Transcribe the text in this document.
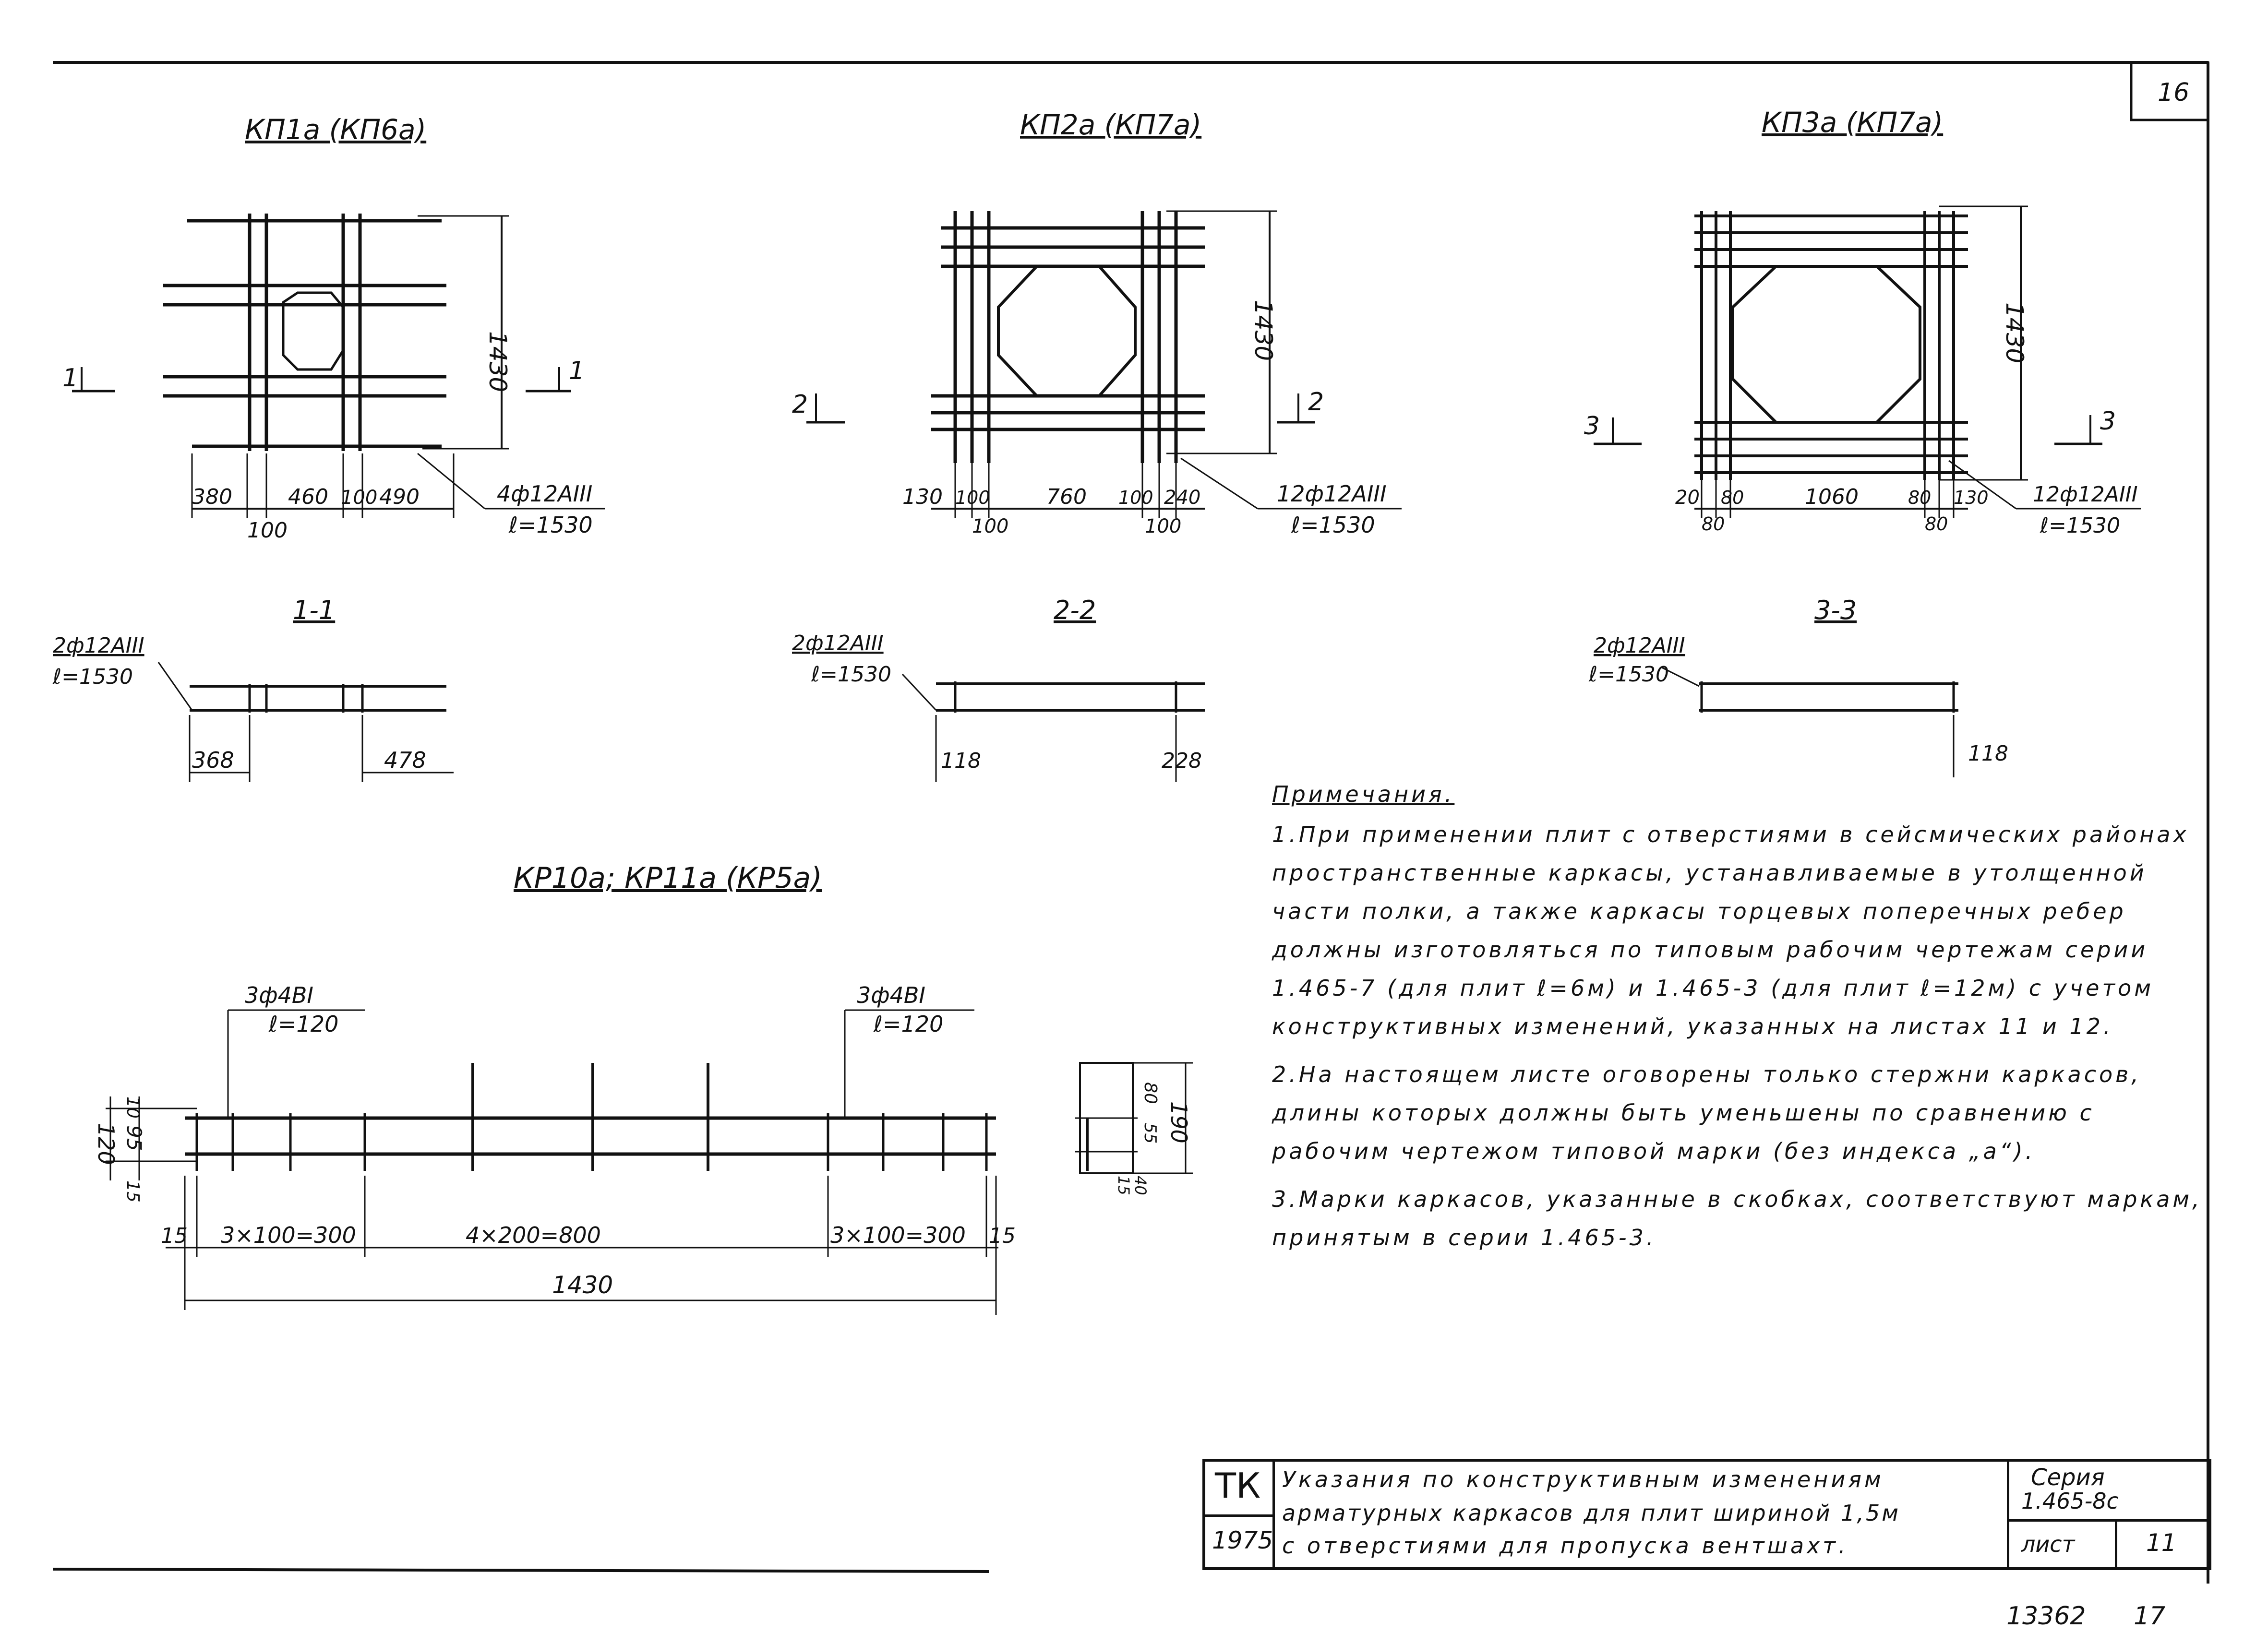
16
КП1а (КП6а)
1430
1	1
380	460 100 490
100
4ф12АIII
ℓ=1530
КП2а (КП7а)
1430
2	2
130 100	760 100 240
100	100
12ф12АIII
ℓ=1530
КП3а (КП7а)
1430
3	3
20 80	1060	80 130
80	80
12ф12АIII
ℓ=1530
1-1
2ф12АIII
ℓ=1530
368	478
2-2
2ф12АIII
ℓ=1530
118	228
3-3
2ф12АIII
ℓ=1530
118
КР10а; КР11а (КР5а)
3ф4ВI
ℓ=120
3ф4ВI
ℓ=120
10
120 95
15
15 3×100=300	4×200=800	3×100=300 15
1430
80
55
15
40
190
13362 17
Примечания.

1.При применении плит с отверстиями в сейсмических районах пространственные каркасы, устанавливаемые в утолщенной части полки, а также каркасы торцевых поперечных ребер должны изготовляться по типовым рабочим чертежам серии 1.465-7 (для плит ℓ=6м) и 1.465-3 (для плит ℓ=12м) с учетом конструктивных изменений, указанных на листах 11 и 12.

2.На настоящем листе оговорены только стержни каркасов, длины которых должны быть уменьшены по сравнению с рабочим чертежом типовой марки (без индекса „а“).

3.Марки каркасов, указанные в скобках, соответствуют маркам, принятым в серии 1.465-3.

ТК
1975
Указания по конструктивным изменениям
арматурных каркасов для плит шириной 1,5м
с отверстиями для пропуска вентшахт.
Серия
1.465-8с
лист	11
